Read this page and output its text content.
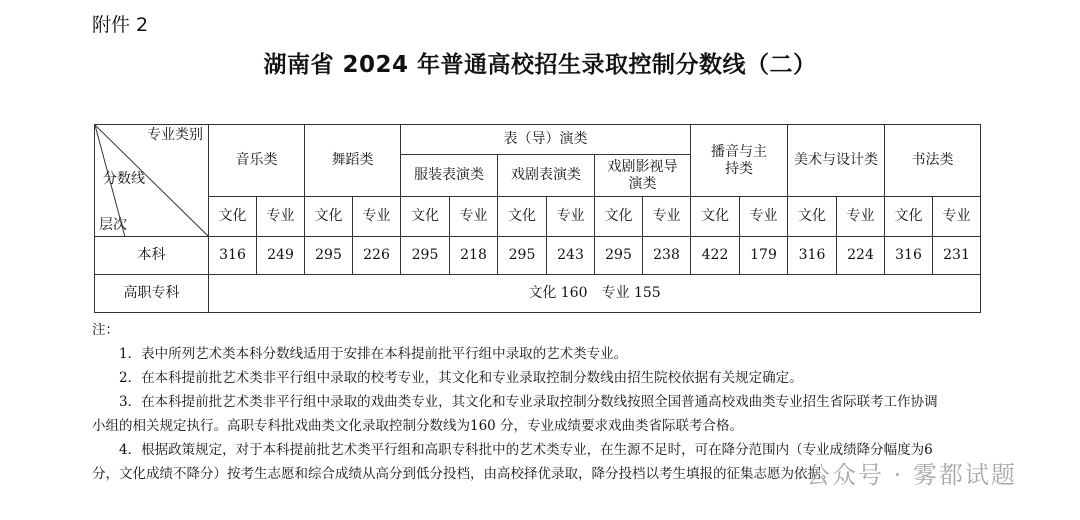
附件 2
湖南省 2024 年普通高校招生录取控制分数线（二）
专业类别
分数线
层次	音乐类		舞蹈类		表（导）演类						播音与主持类		美术与设计类		书法类	
					服装表演类		戏剧表演类		戏剧影视导演类							
	文化	专业	文化	专业	文化	专业	文化	专业	文化	专业	文化	专业	文化	专业	文化	专业
本科	316	249	295	226	295	218	295	243	295	238	422	179	316	224	316	231
高职专科	文化 160　专业 155															

注：

1．表中所列艺术类本科分数线适用于安排在本科提前批平行组中录取的艺术类专业。

2．在本科提前批艺术类非平行组中录取的校考专业，其文化和专业录取控制分数线由招生院校依据有关规定确定。

3．在本科提前批艺术类非平行组中录取的戏曲类专业，其文化和专业录取控制分数线按照全国普通高校戏曲类专业招生省际联考工作协调

小组的相关规定执行。高职专科批戏曲类文化录取控制分数线为160 分，专业成绩要求戏曲类省际联考合格。

4．根据政策规定，对于本科提前批艺术类平行组和高职专科批中的艺术类专业，在生源不足时，可在降分范围内（专业成绩降分幅度为6

分，文化成绩不降分）按考生志愿和综合成绩从高分到低分投档，由高校择优录取，降分投档以考生填报的征集志愿为依据。

公众号 · 雾都试题
